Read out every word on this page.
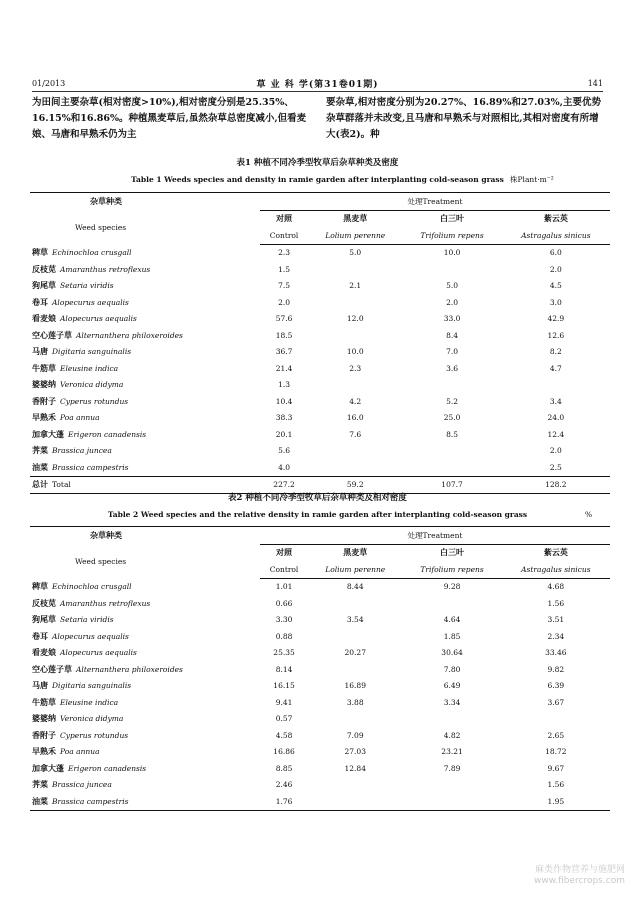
01/2013	草 业 科 学(第31卷01期)	141
为田间主要杂草(相对密度>10%),相对密度分别是25.35%、16.15%和16.86%。种植黑麦草后,虽然杂草总密度减小,但看麦娘、马唐和早熟禾仍为主
要杂草,相对密度分别为20.27%、16.89%和27.03%,主要优势杂草群落并未改变,且马唐和早熟禾与对照相比,其相对密度有所增大(表2)。种
表1 种植不同冷季型牧草后杂草种类及密度
Table 1 Weeds species and density in ramie garden after interplanting cold-season grass 株Plant·m⁻²
杂草种类	处理Treatment			
Weed species	对照	黑麦草	白三叶	紫云英
	Control	Lolium perenne	Trifolium repens	Astragalus sinicus
稗草 Echinochloa crusgall	2.3	5.0	10.0	6.0
反枝苋 Amaranthus retroflexus	1.5			2.0
狗尾草 Setaria viridis	7.5	2.1	5.0	4.5
卷耳 Alopecurus aequalis	2.0		2.0	3.0
看麦娘 Alopecurus aequalis	57.6	12.0	33.0	42.9
空心莲子草 Alternanthera philoxeroides	18.5		8.4	12.6
马唐 Digitaria sanguinalis	36.7	10.0	7.0	8.2
牛筋草 Eleusine indica	21.4	2.3	3.6	4.7
婆婆纳 Veronica didyma	1.3			
香附子 Cyperus rotundus	10.4	4.2	5.2	3.4
早熟禾 Poa annua	38.3	16.0	25.0	24.0
加拿大蓬 Erigeron canadensis	20.1	7.6	8.5	12.4
荠菜 Brassica juncea	5.6			2.0
油菜 Brassica campestris	4.0			2.5
总计 Total	227.2	59.2	107.7	128.2
表2 种植不同冷季型牧草后杂草种类及相对密度
Table 2 Weed species and the relative density in ramie garden after interplanting cold-season grass	%
杂草种类	处理Treatment			
Weed species	对照	黑麦草	白三叶	紫云英
	Control	Lolium perenne	Trifolium repens	Astragalus sinicus
稗草 Echinochloa crusgall	1.01	8.44	9.28	4.68
反枝苋 Amaranthus retroflexus	0.66			1.56
狗尾草 Setaria viridis	3.30	3.54	4.64	3.51
卷耳 Alopecurus aequalis	0.88		1.85	2.34
看麦娘 Alopecurus aequalis	25.35	20.27	30.64	33.46
空心莲子草 Alternanthera philoxeroides	8.14		7.80	9.82
马唐 Digitaria sanguinalis	16.15	16.89	6.49	6.39
牛筋草 Eleusine indica	9.41	3.88	3.34	3.67
婆婆纳 Veronica didyma	0.57			
香附子 Cyperus rotundus	4.58	7.09	4.82	2.65
早熟禾 Poa annua	16.86	27.03	23.21	18.72
加拿大蓬 Erigeron canadensis	8.85	12.84	7.89	9.67
荠菜 Brassica juncea	2.46			1.56
油菜 Brassica campestris	1.76			1.95
麻类作物营养与施肥网
www.fibercrops.com
